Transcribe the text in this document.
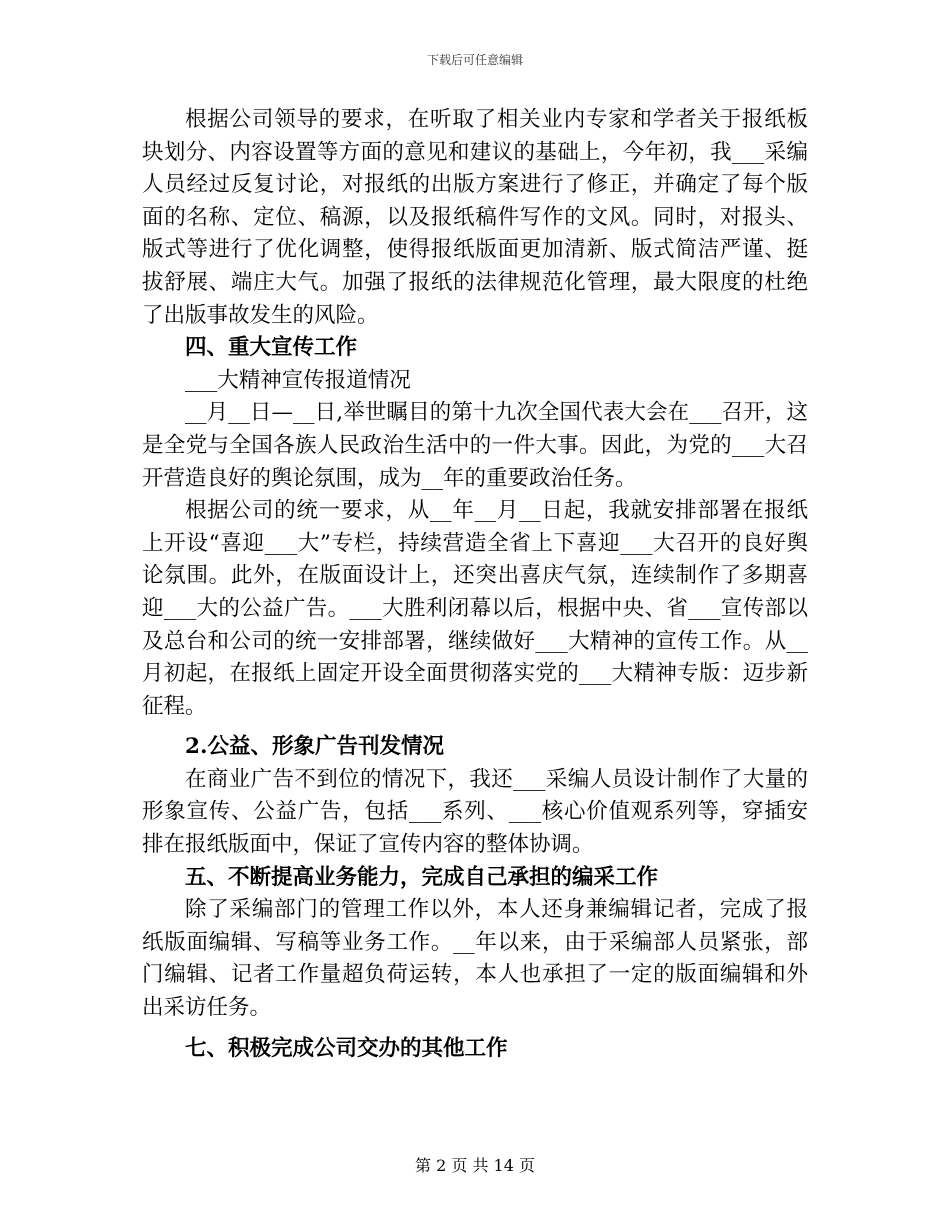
下载后可任意编辑

根据公司领导的要求，在听取了相关业内专家和学者关于报纸板块划分、内容设置等方面的意见和建议的基础上，今年初，我___采编人员经过反复讨论，对报纸的出版方案进行了修正，并确定了每个版面的名称、定位、稿源，以及报纸稿件写作的文风。同时，对报头、版式等进行了优化调整，使得报纸版面更加清新、版式简洁严谨、挺拔舒展、端庄大气。加强了报纸的法律规范化管理，最大限度的杜绝了出版事故发生的风险。

四、重大宣传工作

___大精神宣传报道情况

__月__日—__日,举世瞩目的第十九次全国代表大会在___召开，这是全党与全国各族人民政治生活中的一件大事。因此，为党的___大召开营造良好的舆论氛围，成为__年的重要政治任务。

根据公司的统一要求，从__年__月__日起，我就安排部署在报纸上开设“喜迎___大”专栏，持续营造全省上下喜迎___大召开的良好舆论氛围。此外，在版面设计上，还突出喜庆气氛，连续制作了多期喜迎___大的公益广告。___大胜利闭幕以后，根据中央、省___宣传部以及总台和公司的统一安排部署，继续做好___大精神的宣传工作。从__月初起，在报纸上固定开设全面贯彻落实党的___大精神专版：迈步新征程。

2.公益、形象广告刊发情况

在商业广告不到位的情况下，我还___采编人员设计制作了大量的形象宣传、公益广告，包括___系列、___核心价值观系列等，穿插安排在报纸版面中，保证了宣传内容的整体协调。

五、不断提高业务能力，完成自己承担的编采工作

除了采编部门的管理工作以外，本人还身兼编辑记者，完成了报纸版面编辑、写稿等业务工作。__年以来，由于采编部人员紧张，部门编辑、记者工作量超负荷运转，本人也承担了一定的版面编辑和外出采访任务。

七、积极完成公司交办的其他工作

第 2 页 共 14 页
